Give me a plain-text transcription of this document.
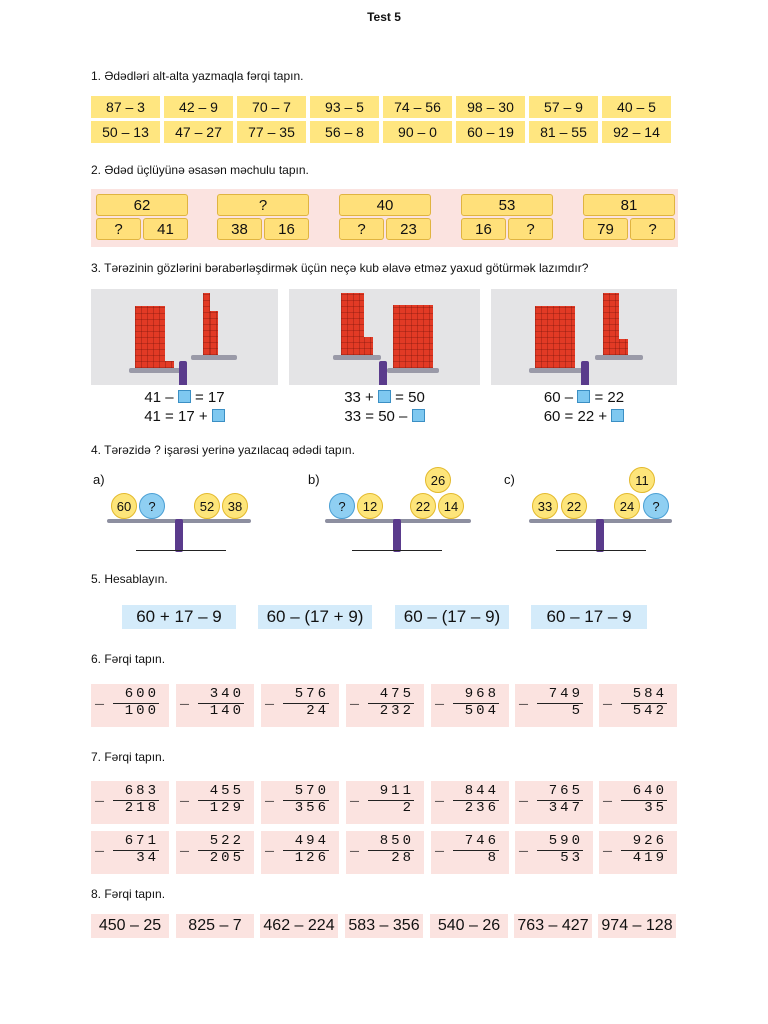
Test 5
1. Ədədləri alt-alta yazmaqla fərqi tapın.
87 – 3	42 – 9	70 – 7	93 – 5	74 – 56	98 – 30	57 – 9	40 – 5
50 – 13	47 – 27	77 – 35	56 – 8	90 – 0	60 – 19	81 – 55	92 – 14
2. Ədəd üçlüyünə əsasən məchulu tapın.
62
?	41
?
38	16
40
?	23
53
16	?
81
79	?
3. Tərəzinin gözlərini bərabərləşdirmək üçün neçə kub əlavə etməz yaxud götürmək lazımdır?
41 – = 17
41 = 17 +
33 + = 50
33 = 50 –
60 – = 22
60 = 22 +
4. Tərəzidə ? işarəsi yerinə yazılacaq ədədi tapın.
a)
60	?	52	38
b)	26
?	12	22	14
c)	11
33	22	24	?
5. Hesablayın.
60 + 17 – 9	60 – (17 + 9)	60 – (17 – 9)	60 – 17 – 9
6. Fərqi tapın.
_ 600
100
_ 340
140
_ 576
24
_ 475
232
_ 968
504
_ 749
5
_ 584
542
7. Fərqi tapın.
_ 683
218
_ 455
129
_ 570
356
_ 911
2
_ 844
236
_ 765
347
_ 640
35
_ 671
34
_ 522
205
_ 494
126
_ 850
28
_ 746
8
_ 590
53
_ 926
419
8. Fərqi tapın.
450 – 25	825 – 7	462 – 224 583 – 356	540 – 26	763 – 427 974 – 128
